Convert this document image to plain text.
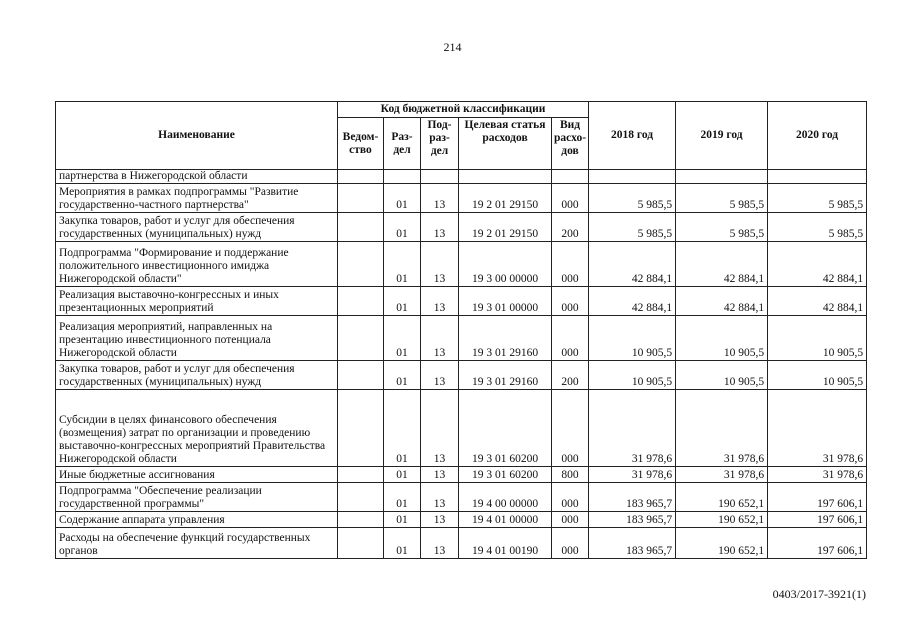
214
Наименование	Код бюджетной классификации					2018 год	2019 год	2020 год
	Ведом-ство	Раз-дел	Под-раз-дел	Целевая статья расходов	Вид расхо-дов			
партнерства в Нижегородской области								
Мероприятия в рамках подпрограммы "Развитие государственно-частного партнерства"		01	13	19 2 01 29150	000	5 985,5	5 985,5	5 985,5
Закупка товаров, работ и услуг для обеспечения государственных (муниципальных) нужд		01	13	19 2 01 29150	200	5 985,5	5 985,5	5 985,5
Подпрограмма "Формирование и поддержание положительного инвестиционного имиджа Нижегородской области"		01	13	19 3 00 00000	000	42 884,1	42 884,1	42 884,1
Реализация выставочно-конгрессных и иных презентационных мероприятий		01	13	19 3 01 00000	000	42 884,1	42 884,1	42 884,1
Реализация мероприятий, направленных на презентацию инвестиционного потенциала Нижегородской области		01	13	19 3 01 29160	000	10 905,5	10 905,5	10 905,5
Закупка товаров, работ и услуг для обеспечения государственных (муниципальных) нужд		01	13	19 3 01 29160	200	10 905,5	10 905,5	10 905,5
Субсидии в целях финансового обеспечения (возмещения) затрат по организации и проведению выставочно-конгрессных мероприятий Правительства Нижегородской области		01	13	19 3 01 60200	000	31 978,6	31 978,6	31 978,6
Иные бюджетные ассигнования		01	13	19 3 01 60200	800	31 978,6	31 978,6	31 978,6
Подпрограмма "Обеспечение реализации государственной программы"		01	13	19 4 00 00000	000	183 965,7	190 652,1	197 606,1
Содержание аппарата управления		01	13	19 4 01 00000	000	183 965,7	190 652,1	197 606,1
Расходы на обеспечение функций государственных органов		01	13	19 4 01 00190	000	183 965,7	190 652,1	197 606,1
0403/2017-3921(1)
